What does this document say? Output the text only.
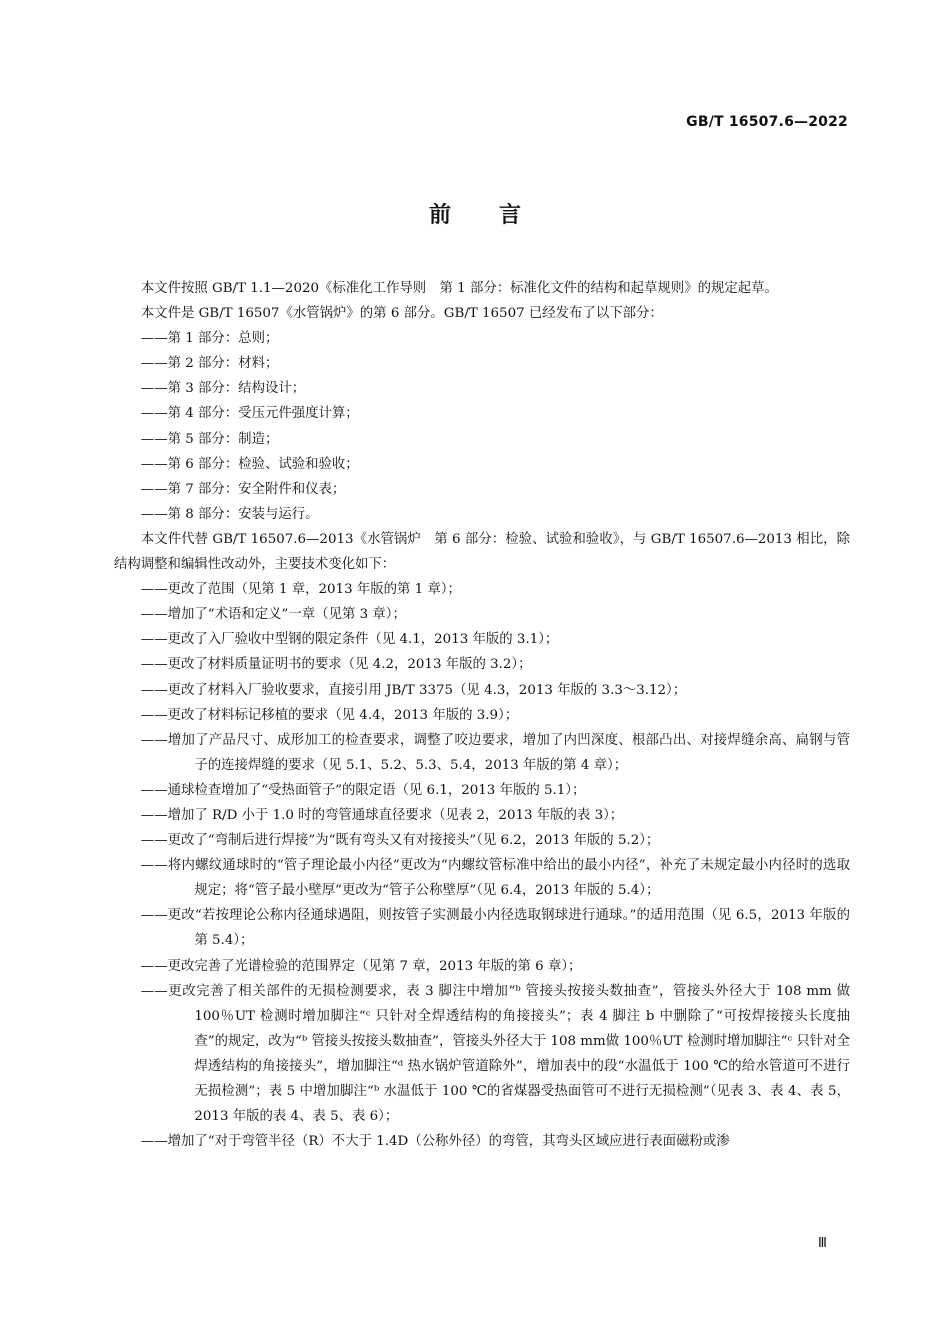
GB/T 16507.6—2022
前 言

本文件按照 GB/T 1.1—2020《标准化工作导则　第 1 部分：标准化文件的结构和起草规则》的规定起草。

本文件是 GB/T 16507《水管锅炉》的第 6 部分。GB/T 16507 已经发布了以下部分：

——第 1 部分：总则；

——第 2 部分：材料；

——第 3 部分：结构设计；

——第 4 部分：受压元件强度计算；

——第 5 部分：制造；

——第 6 部分：检验、试验和验收；

——第 7 部分：安全附件和仪表；

——第 8 部分：安装与运行。

本文件代替 GB/T 16507.6—2013《水管锅炉　第 6 部分：检验、试验和验收》，与 GB/T 16507.6—2013 相比，除结构调整和编辑性改动外，主要技术变化如下：

——更改了范围（见第 1 章，2013 年版的第 1 章）；

——增加了“术语和定义”一章（见第 3 章）；

——更改了入厂验收中型钢的限定条件（见 4.1，2013 年版的 3.1）；

——更改了材料质量证明书的要求（见 4.2，2013 年版的 3.2）；

——更改了材料入厂验收要求，直接引用 JB/T 3375（见 4.3，2013 年版的 3.3～3.12）；

——更改了材料标记移植的要求（见 4.4，2013 年版的 3.9）；

——增加了产品尺寸、成形加工的检查要求，调整了咬边要求，增加了内凹深度、根部凸出、对接焊缝余高、扁钢与管子的连接焊缝的要求（见 5.1、5.2、5.3、5.4，2013 年版的第 4 章）；

——通球检查增加了“受热面管子”的限定语（见 6.1，2013 年版的 5.1）；

——增加了 R/D 小于 1.0 时的弯管通球直径要求（见表 2，2013 年版的表 3）；

——更改了“弯制后进行焊接”为“既有弯头又有对接接头”（见 6.2，2013 年版的 5.2）；

——将内螺纹通球时的“管子理论最小内径”更改为“内螺纹管标准中给出的最小内径”，补充了未规定最小内径时的选取规定；将“管子最小壁厚”更改为“管子公称壁厚”（见 6.4，2013 年版的 5.4）；

——更改“若按理论公称内径通球遇阻，则按管子实测最小内径选取钢球进行通球。”的适用范围（见 6.5，2013 年版的第 5.4）；

——更改完善了光谱检验的范围界定（见第 7 章，2013 年版的第 6 章）；

——更改完善了相关部件的无损检测要求，表 3 脚注中增加“ᵇ 管接头按接头数抽查”，管接头外径大于 108 mm 做 100％UT 检测时增加脚注“ᶜ 只针对全焊透结构的角接接头”；表 4 脚注 b 中删除了“可按焊接接头长度抽查”的规定，改为“ᵇ 管接头按接头数抽查”，管接头外径大于 108 mm做 100％UT 检测时增加脚注“ᶜ 只针对全焊透结构的角接接头”，增加脚注“ᵈ 热水锅炉管道除外”，增加表中的段“水温低于 100 ℃的给水管道可不进行无损检测”；表 5 中增加脚注“ᵇ 水温低于 100 ℃的省煤器受热面管可不进行无损检测”（见表 3、表 4、表 5，2013 年版的表 4、表 5、表 6）；

——增加了“对于弯管半径（R）不大于 1.4D（公称外径）的弯管，其弯头区域应进行表面磁粉或渗

Ⅲ
